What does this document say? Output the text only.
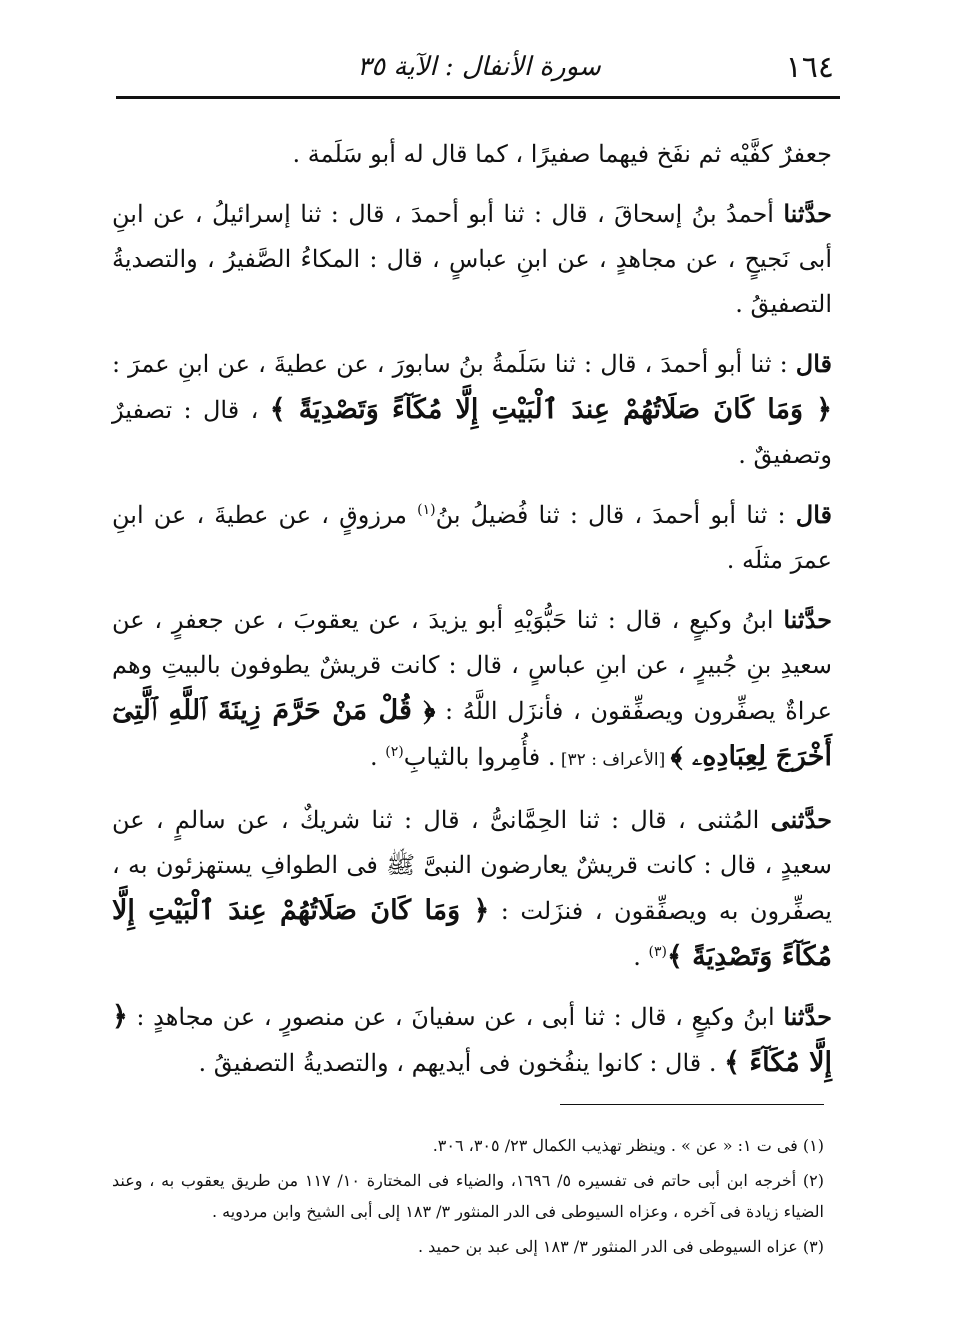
١٦٤
سورة الأنفال : الآية ٣٥

جعفرٌ كفَّيْه ثم نفَخ فيهما صفيرًا ، كما قال له أبو سَلَمة .

حدَّثنا أحمدُ بنُ إسحاقَ ، قال : ثنا أبو أحمدَ ، قال : ثنا إسرائيلُ ، عن ابنِ أبى نَجيحٍ ، عن مجاهدٍ ، عن ابنِ عباسٍ ، قال : المكاءُ الصَّفيرُ ، والتصديةُ التصفيقُ .

قال : ثنا أبو أحمدَ ، قال : ثنا سَلَمةُ بنُ سابورَ ، عن عطيةَ ، عن ابنِ عمرَ : ﴿ وَمَا كَانَ صَلَاتُهُمْ عِندَ ٱلْبَيْتِ إِلَّا مُكَآءً وَتَصْدِيَةً ﴾ ، قال : تصفيرٌ وتصفيقٌ .

قال : ثنا أبو أحمدَ ، قال : ثنا فُضيلُ بنُ$^{(١)}$ مرزوقٍ ، عن عطيةَ ، عن ابنِ عمرَ مثلَه .

حدَّثنا ابنُ وكيعٍ ، قال : ثنا حَبُّوَيْهِ أبو يزيدَ ، عن يعقوبَ ، عن جعفرٍ ، عن سعيدِ بنِ جُبيرٍ ، عن ابنِ عباسٍ ، قال : كانت قريشٌ يطوفون بالبيتِ وهم عراةٌ يصفِّرون ويصفِّقون ، فأنزَل اللَّهُ : ﴿ قُلْ مَنْ حَرَّمَ زِينَةَ ٱللَّهِ ٱلَّتِىٓ أَخْرَجَ لِعِبَادِهِۦ ﴾ [الأعراف : ٣٢] . فأُمِروا بالثيابِ$^{(٢)}$ .

حدَّثنى المُثنى ، قال : ثنا الحِمَّانىُّ ، قال : ثنا شريكٌ ، عن سالمٍ ، عن سعيدٍ ، قال : كانت قريشٌ يعارضون النبىَّ ﷺ فى الطوافِ يستهزئون به ، يصفِّرون به ويصفِّقون ، فنزَلت : ﴿ وَمَا كَانَ صَلَاتُهُمْ عِندَ ٱلْبَيْتِ إِلَّا مُكَآءً وَتَصْدِيَةً ﴾$^{(٣)}$ .

حدَّثنا ابنُ وكيعٍ ، قال : ثنا أبى ، عن سفيانَ ، عن منصورٍ ، عن مجاهدٍ : ﴿ إِلَّا مُكَآءً ﴾ . قال : كانوا ينفُخون فى أيديهم ، والتصديةُ التصفيقُ .

(١) فى ت ١: « عن » . وينظر تهذيب الكمال ٢٣/ ٣٠٥، ٣٠٦.

(٢) أخرجه ابن أبى حاتم فى تفسيره ٥/ ١٦٩٦، والضياء فى المختارة ١٠/ ١١٧ من طريق يعقوب به ، وعند الضياء زيادة فى آخره ، وعزاه السيوطى فى الدر المنثور ٣/ ١٨٣ إلى أبى الشيخ وابن مردويه .

(٣) عزاه السيوطى فى الدر المنثور ٣/ ١٨٣ إلى عبد بن حميد .
